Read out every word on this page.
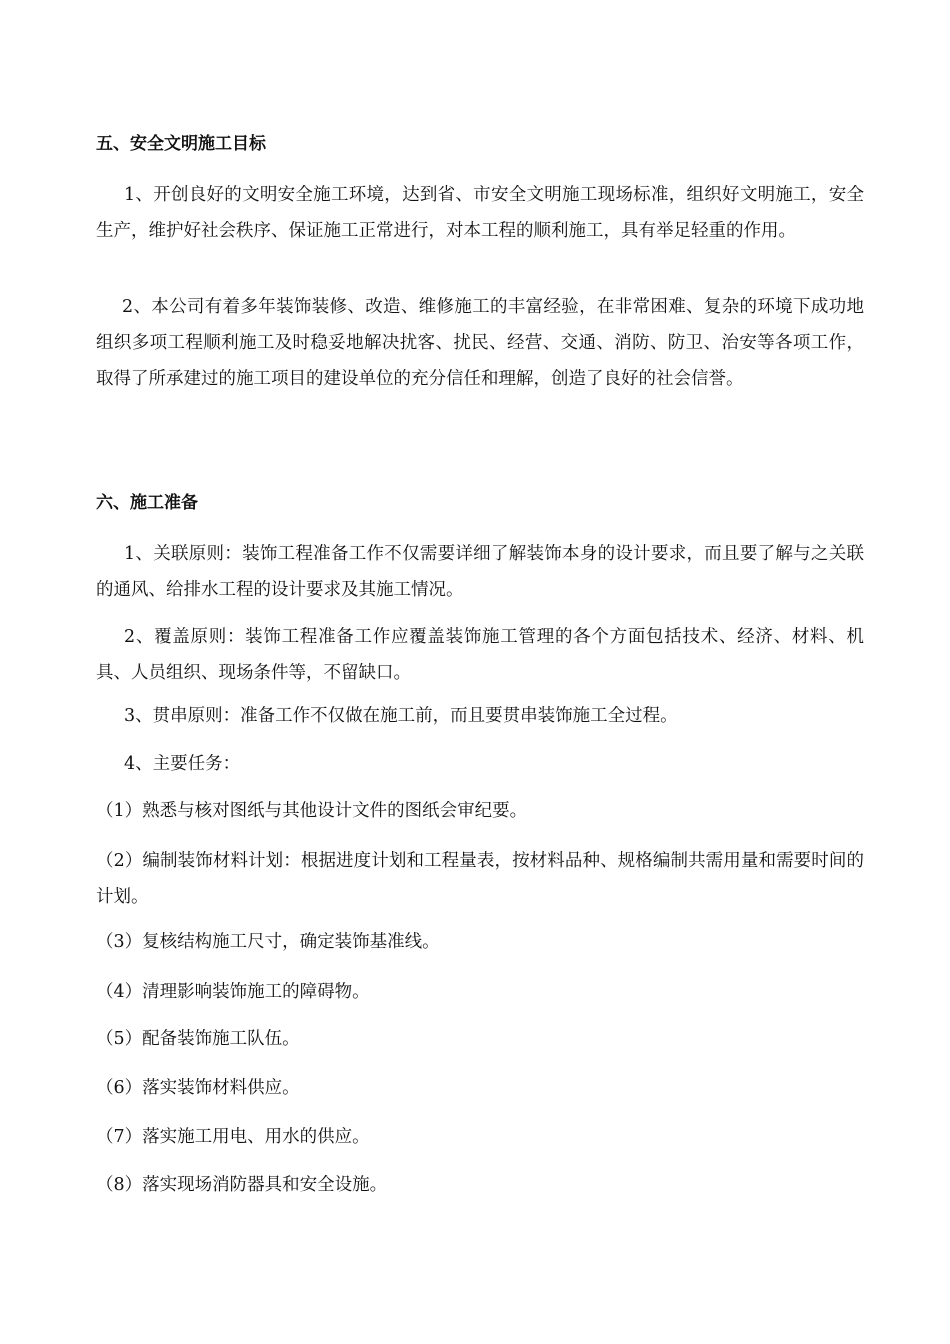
五、安全文明施工目标
1、开创良好的文明安全施工环境，达到省、市安全文明施工现场标准，组织好文明施工，安全生产，维护好社会秩序、保证施工正常进行，对本工程的顺利施工，具有举足轻重的作用。
2、本公司有着多年装饰装修、改造、维修施工的丰富经验，在非常困难、复杂的环境下成功地组织多项工程顺利施工及时稳妥地解决扰客、扰民、经营、交通、消防、防卫、治安等各项工作，取得了所承建过的施工项目的建设单位的充分信任和理解，创造了良好的社会信誉。
六、施工准备
1、关联原则：装饰工程准备工作不仅需要详细了解装饰本身的设计要求，而且要了解与之关联的通风、给排水工程的设计要求及其施工情况。
2、覆盖原则：装饰工程准备工作应覆盖装饰施工管理的各个方面包括技术、经济、材料、机具、人员组织、现场条件等，不留缺口。
3、贯串原则：准备工作不仅做在施工前，而且要贯串装饰施工全过程。
4、主要任务：
（1）熟悉与核对图纸与其他设计文件的图纸会审纪要。
（2）编制装饰材料计划：根据进度计划和工程量表，按材料品种、规格编制共需用量和需要时间的计划。
（3）复核结构施工尺寸，确定装饰基准线。
（4）清理影响装饰施工的障碍物。
（5）配备装饰施工队伍。
（6）落实装饰材料供应。
（7）落实施工用电、用水的供应。
（8）落实现场消防器具和安全设施。
